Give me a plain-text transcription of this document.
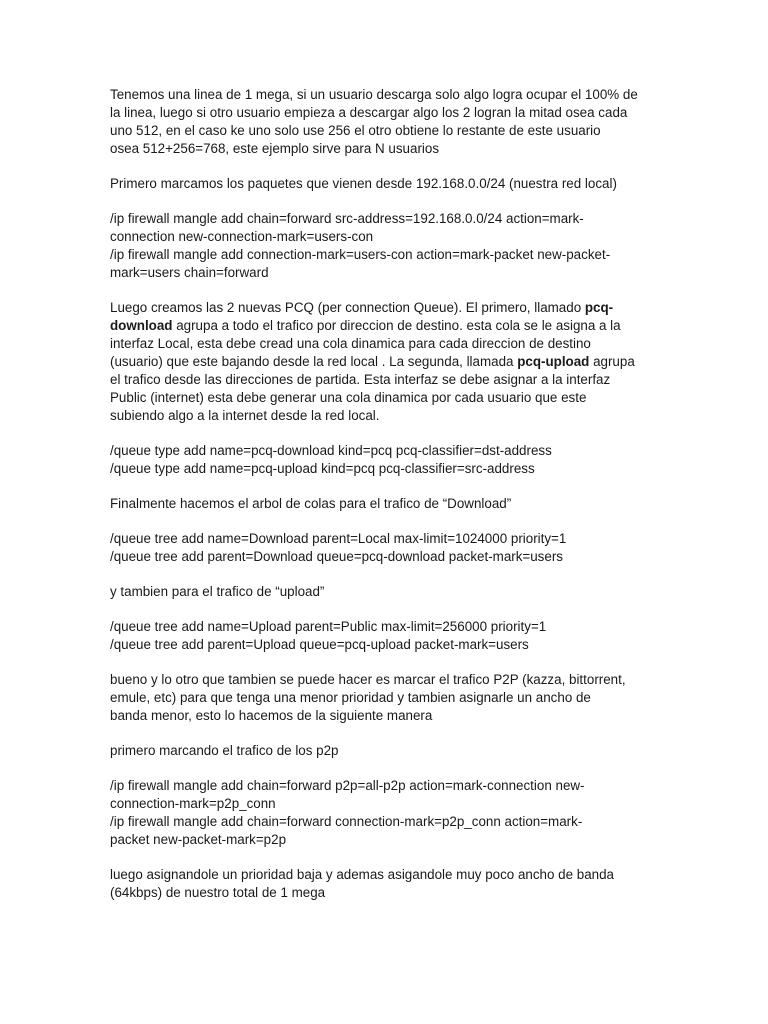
Tenemos una linea de 1 mega, si un usuario descarga solo algo logra ocupar el 100% de
la linea, luego si otro usuario empieza a descargar algo los 2 logran la mitad osea cada
uno 512, en el caso ke uno solo use 256 el otro obtiene lo restante de este usuario
osea 512+256=768, este ejemplo sirve para N usuarios
Primero marcamos los paquetes que vienen desde 192.168.0.0/24 (nuestra red local)
/ip firewall mangle add chain=forward src-address=192.168.0.0/24 action=mark-
connection new-connection-mark=users-con
/ip firewall mangle add connection-mark=users-con action=mark-packet new-packet-
mark=users chain=forward
Luego creamos las 2 nuevas PCQ (per connection Queue). El primero, llamado pcq-
download agrupa a todo el trafico por direccion de destino. esta cola se le asigna a la
interfaz Local, esta debe cread una cola dinamica para cada direccion de destino
(usuario) que este bajando desde la red local . La segunda, llamada pcq-upload agrupa
el trafico desde las direcciones de partida. Esta interfaz se debe asignar a la interfaz
Public (internet) esta debe generar una cola dinamica por cada usuario que este
subiendo algo a la internet desde la red local.
/queue type add name=pcq-download kind=pcq pcq-classifier=dst-address
/queue type add name=pcq-upload kind=pcq pcq-classifier=src-address
Finalmente hacemos el arbol de colas para el trafico de “Download”
/queue tree add name=Download parent=Local max-limit=1024000 priority=1
/queue tree add parent=Download queue=pcq-download packet-mark=users
y tambien para el trafico de “upload”
/queue tree add name=Upload parent=Public max-limit=256000 priority=1
/queue tree add parent=Upload queue=pcq-upload packet-mark=users
bueno y lo otro que tambien se puede hacer es marcar el trafico P2P (kazza, bittorrent,
emule, etc) para que tenga una menor prioridad y tambien asignarle un ancho de
banda menor, esto lo hacemos de la siguiente manera
primero marcando el trafico de los p2p
/ip firewall mangle add chain=forward p2p=all-p2p action=mark-connection new-
connection-mark=p2p_conn
/ip firewall mangle add chain=forward connection-mark=p2p_conn action=mark-
packet new-packet-mark=p2p
luego asignandole un prioridad baja y ademas asigandole muy poco ancho de banda
(64kbps) de nuestro total de 1 mega
